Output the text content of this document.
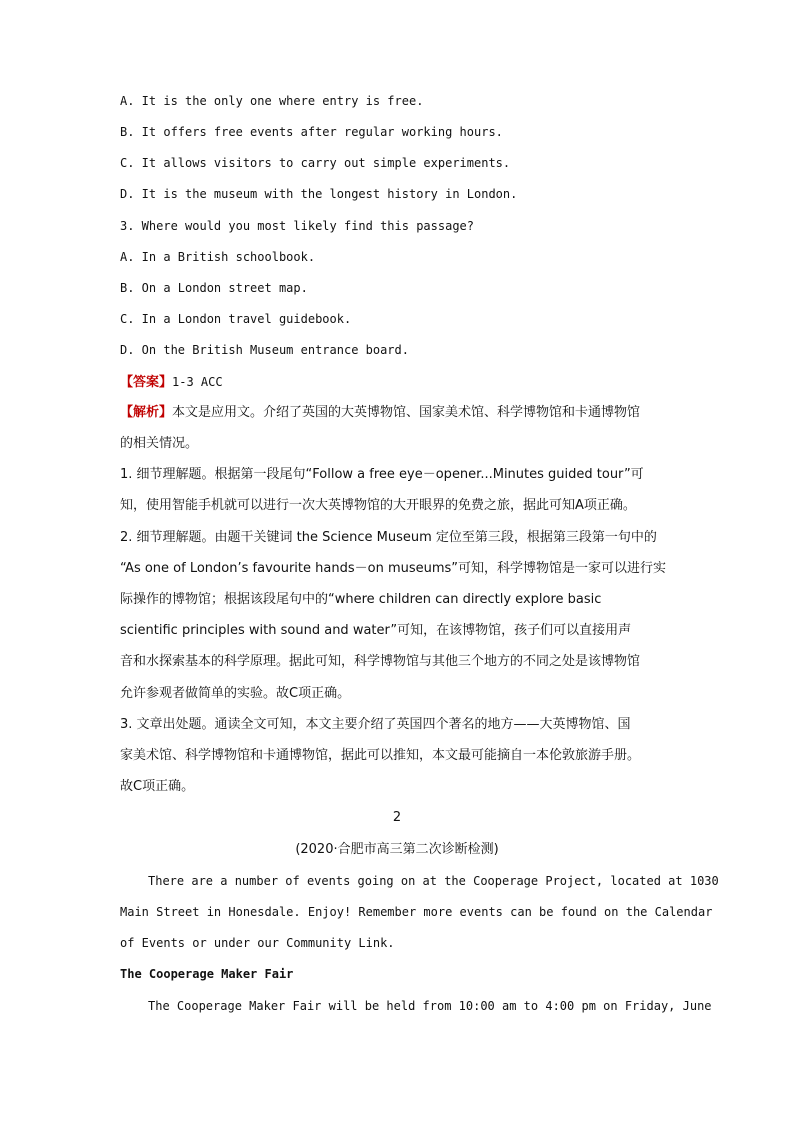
A. It is the only one where entry is free.
B. It offers free events after regular working hours.
C. It allows visitors to carry out simple experiments.
D. It is the museum with the longest history in London.
3. Where would you most likely find this passage?
A. In a British schoolbook.
B. On a London street map.
C. In a London travel guidebook.
D. On the British Museum entrance board.
【答案】1-3 ACC
【解析】本文是应用文。介绍了英国的大英博物馆、国家美术馆、科学博物馆和卡通博物馆
的相关情况。
1. 细节理解题。根据第一段尾句“Follow a free eye－opener...Minutes guided tour”可
知，使用智能手机就可以进行一次大英博物馆的大开眼界的免费之旅，据此可知A项正确。
2. 细节理解题。由题干关键词 the Science Museum 定位至第三段，根据第三段第一句中的
“As one of London’s favourite hands－on museums”可知，科学博物馆是一家可以进行实
际操作的博物馆；根据该段尾句中的“where children can directly explore basic
scientific principles with sound and water”可知，在该博物馆，孩子们可以直接用声
音和水探索基本的科学原理。据此可知，科学博物馆与其他三个地方的不同之处是该博物馆
允许参观者做简单的实验。故C项正确。
3. 文章出处题。通读全文可知，本文主要介绍了英国四个著名的地方——大英博物馆、国
家美术馆、科学博物馆和卡通博物馆，据此可以推知，本文最可能摘自一本伦敦旅游手册。
故C项正确。
2
(2020·合肥市高三第二次诊断检测)
There are a number of events going on at the Cooperage Project, located at 1030
Main Street in Honesdale. Enjoy! Remember more events can be found on the Calendar
of Events or under our Community Link.
The Cooperage Maker Fair
The Cooperage Maker Fair will be held from 10:00 am to 4:00 pm on Friday, June
